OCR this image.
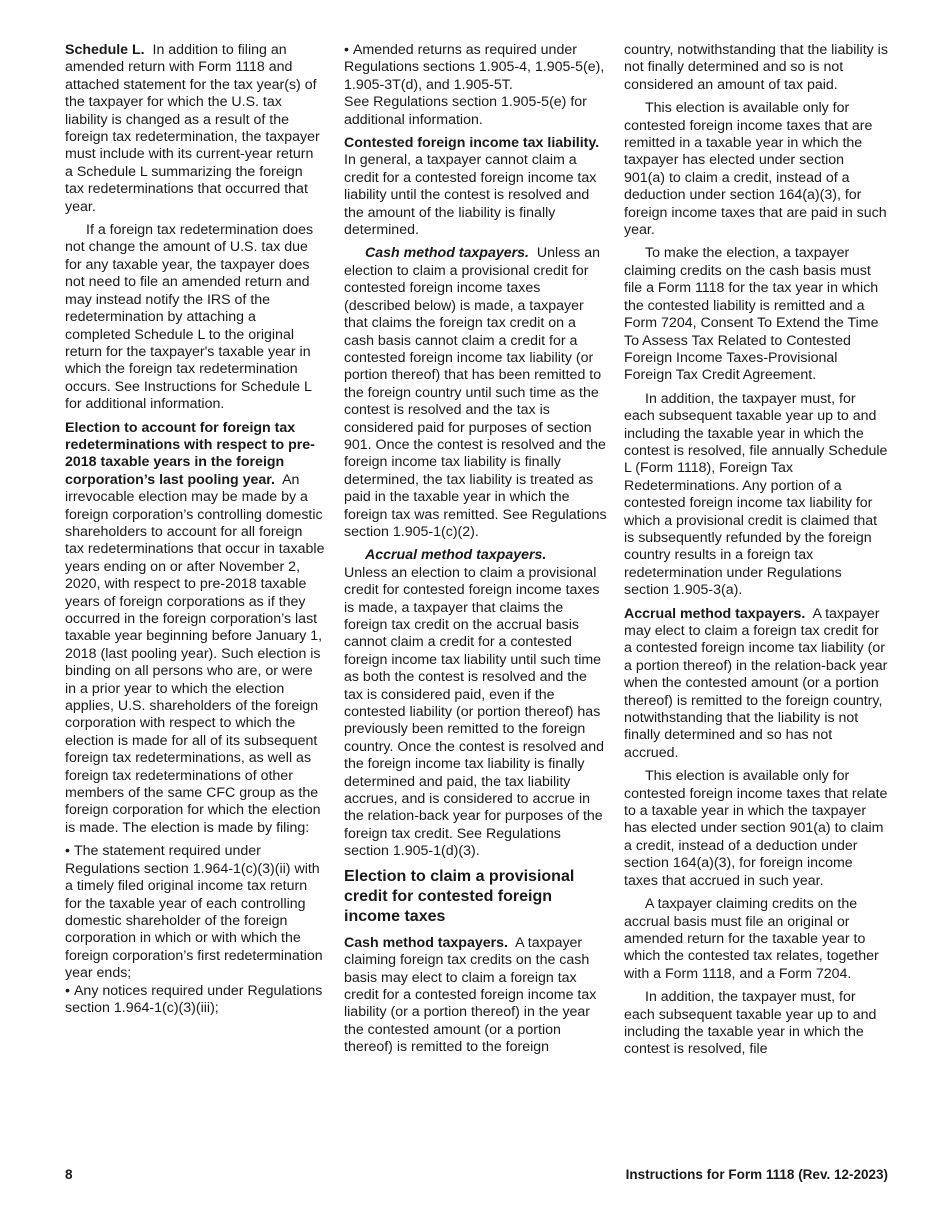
Schedule L. In addition to filing an amended return with Form 1118 and attached statement for the tax year(s) of the taxpayer for which the U.S. tax liability is changed as a result of the foreign tax redetermination, the taxpayer must include with its current-year return a Schedule L summarizing the foreign tax redeterminations that occurred that year.

If a foreign tax redetermination does not change the amount of U.S. tax due for any taxable year, the taxpayer does not need to file an amended return and may instead notify the IRS of the redetermination by attaching a completed Schedule L to the original return for the taxpayer's taxable year in which the foreign tax redetermination occurs. See Instructions for Schedule L for additional information.

Election to account for foreign tax redeterminations with respect to pre-2018 taxable years in the foreign corporation’s last pooling year. An irrevocable election may be made by a foreign corporation’s controlling domestic shareholders to account for all foreign tax redeterminations that occur in taxable years ending on or after November 2, 2020, with respect to pre-2018 taxable years of foreign corporations as if they occurred in the foreign corporation’s last taxable year beginning before January 1, 2018 (last pooling year). Such election is binding on all persons who are, or were in a prior year to which the election applies, U.S. shareholders of the foreign corporation with respect to which the election is made for all of its subsequent foreign tax redeterminations, as well as foreign tax redeterminations of other members of the same CFC group as the foreign corporation for which the election is made. The election is made by filing:

• The statement required under Regulations section 1.964-1(c)(3)(ii) with a timely filed original income tax return for the taxable year of each controlling domestic shareholder of the foreign corporation in which or with which the foreign corporation’s first redetermination year ends;

• Any notices required under Regulations section 1.964-1(c)(3)(iii);

• Amended returns as required under Regulations sections 1.905-4, 1.905-5(e), 1.905-3T(d), and 1.905-5T.

See Regulations section 1.905-5(e) for additional information.

Contested foreign income tax liability.  In general, a taxpayer cannot claim a credit for a contested foreign income tax liability until the contest is resolved and the amount of the liability is finally determined.

Cash method taxpayers. Unless an election to claim a provisional credit for contested foreign income taxes (described below) is made, a taxpayer that claims the foreign tax credit on a cash basis cannot claim a credit for a contested foreign income tax liability (or portion thereof) that has been remitted to the foreign country until such time as the contest is resolved and the tax is considered paid for purposes of section 901. Once the contest is resolved and the foreign income tax liability is finally determined, the tax liability is treated as paid in the taxable year in which the foreign tax was remitted. See Regulations section 1.905-1(c)(2).

Accrual method taxpayers.
Unless an election to claim a provisional credit for contested foreign income taxes is made, a taxpayer that claims the foreign tax credit on the accrual basis cannot claim a credit for a contested foreign income tax liability until such time as both the contest is resolved and the tax is considered paid, even if the contested liability (or portion thereof) has previously been remitted to the foreign country. Once the contest is resolved and the foreign income tax liability is finally determined and paid, the tax liability accrues, and is considered to accrue in the relation-back year for purposes of the foreign tax credit. See Regulations section 1.905-1(d)(3).

Election to claim a provisional credit for contested foreign income taxes

Cash method taxpayers. A taxpayer claiming foreign tax credits on the cash basis may elect to claim a foreign tax credit for a contested foreign income tax liability (or a portion thereof) in the year the contested amount (or a portion thereof) is remitted to the foreign

country, notwithstanding that the liability is not finally determined and so is not considered an amount of tax paid.

This election is available only for contested foreign income taxes that are remitted in a taxable year in which the taxpayer has elected under section 901(a) to claim a credit, instead of a deduction under section 164(a)(3), for foreign income taxes that are paid in such year.

To make the election, a taxpayer claiming credits on the cash basis must file a Form 1118 for the tax year in which the contested liability is remitted and a Form 7204, Consent To Extend the Time To Assess Tax Related to Contested Foreign Income Taxes-Provisional Foreign Tax Credit Agreement.

In addition, the taxpayer must, for each subsequent taxable year up to and including the taxable year in which the contest is resolved, file annually Schedule L (Form 1118), Foreign Tax Redeterminations. Any portion of a contested foreign income tax liability for which a provisional credit is claimed that is subsequently refunded by the foreign country results in a foreign tax redetermination under Regulations section 1.905-3(a).

Accrual method taxpayers. A taxpayer may elect to claim a foreign tax credit for a contested foreign income tax liability (or a portion thereof) in the relation-back year when the contested amount (or a portion thereof) is remitted to the foreign country, notwithstanding that the liability is not finally determined and so has not accrued.

This election is available only for contested foreign income taxes that relate to a taxable year in which the taxpayer has elected under section 901(a) to claim a credit, instead of a deduction under section 164(a)(3), for foreign income taxes that accrued in such year.

A taxpayer claiming credits on the accrual basis must file an original or amended return for the taxable year to which the contested tax relates, together with a Form 1118, and a Form 7204.

In addition, the taxpayer must, for each subsequent taxable year up to and including the taxable year in which the contest is resolved, file

8	Instructions for Form 1118 (Rev. 12-2023)
